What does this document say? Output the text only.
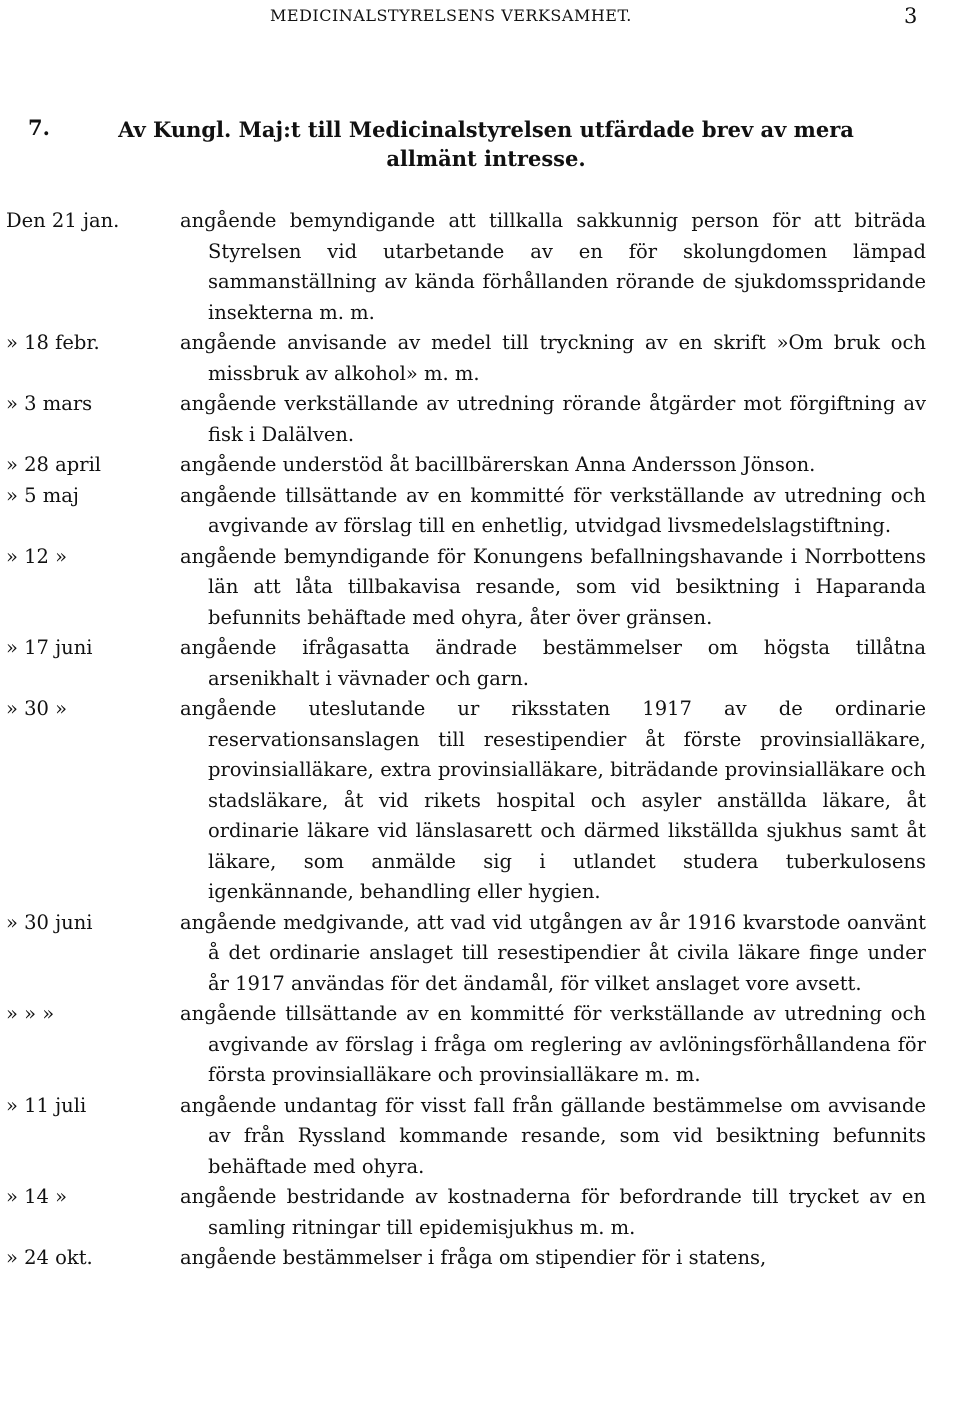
MEDICINALSTYRELSENS VERKSAMHET.	3
7.	Av Kungl. Maj:t till Medicinalstyrelsen utfärdade brev av mera allmänt intresse.
Den 21 jan.	angående bemyndigande att tillkalla sakkunnig person för att biträda Styrelsen vid utarbetande av en för skolungdomen lämpad sammanställning av kända förhållanden rörande de sjukdomsspridande insekterna m. m.
» 18 febr.	angående anvisande av medel till tryckning av en skrift »Om bruk och missbruk av alkohol» m. m.
» 3 mars	angående verkställande av utredning rörande åtgärder mot förgiftning av fisk i Dalälven.
» 28 april	angående understöd åt bacillbärerskan Anna Andersson Jönson.
» 5 maj	angående tillsättande av en kommitté för verkställande av utredning och avgivande av förslag till en enhetlig, utvidgad livsmedelslagstiftning.
» 12 »	angående bemyndigande för Konungens befallningshavande i Norrbottens län att låta tillbakavisa resande, som vid besiktning i Haparanda befunnits behäftade med ohyra, åter över gränsen.
» 17 juni	angående ifrågasatta ändrade bestämmelser om högsta tillåtna arsenikhalt i vävnader och garn.
» 30 »	angående uteslutande ur riksstaten 1917 av de ordinarie reservationsanslagen till resestipendier åt förste provinsialläkare, provinsialläkare, extra provinsialläkare, biträdande provinsialläkare och stadsläkare, åt vid rikets hospital och asyler anställda läkare, åt ordinarie läkare vid länslasarett och därmed likställda sjukhus samt åt läkare, som anmälde sig i utlandet studera tuberkulosens igenkännande, behandling eller hygien.
» 30 juni	angående medgivande, att vad vid utgången av år 1916 kvarstode oanvänt å det ordinarie anslaget till resestipendier åt civila läkare finge under år 1917 användas för det ändamål, för vilket anslaget vore avsett.
» » »	angående tillsättande av en kommitté för verkställande av utredning och avgivande av förslag i fråga om reglering av avlöningsförhållandena för första provinsialläkare och provinsialläkare m. m.
» 11 juli	angående undantag för visst fall från gällande bestämmelse om avvisande av från Ryssland kommande resande, som vid besiktning befunnits behäftade med ohyra.
» 14 »	angående bestridande av kostnaderna för befordrande till trycket av en samling ritningar till epidemisjukhus m. m.
» 24 okt.	angående bestämmelser i fråga om stipendier för i statens,
